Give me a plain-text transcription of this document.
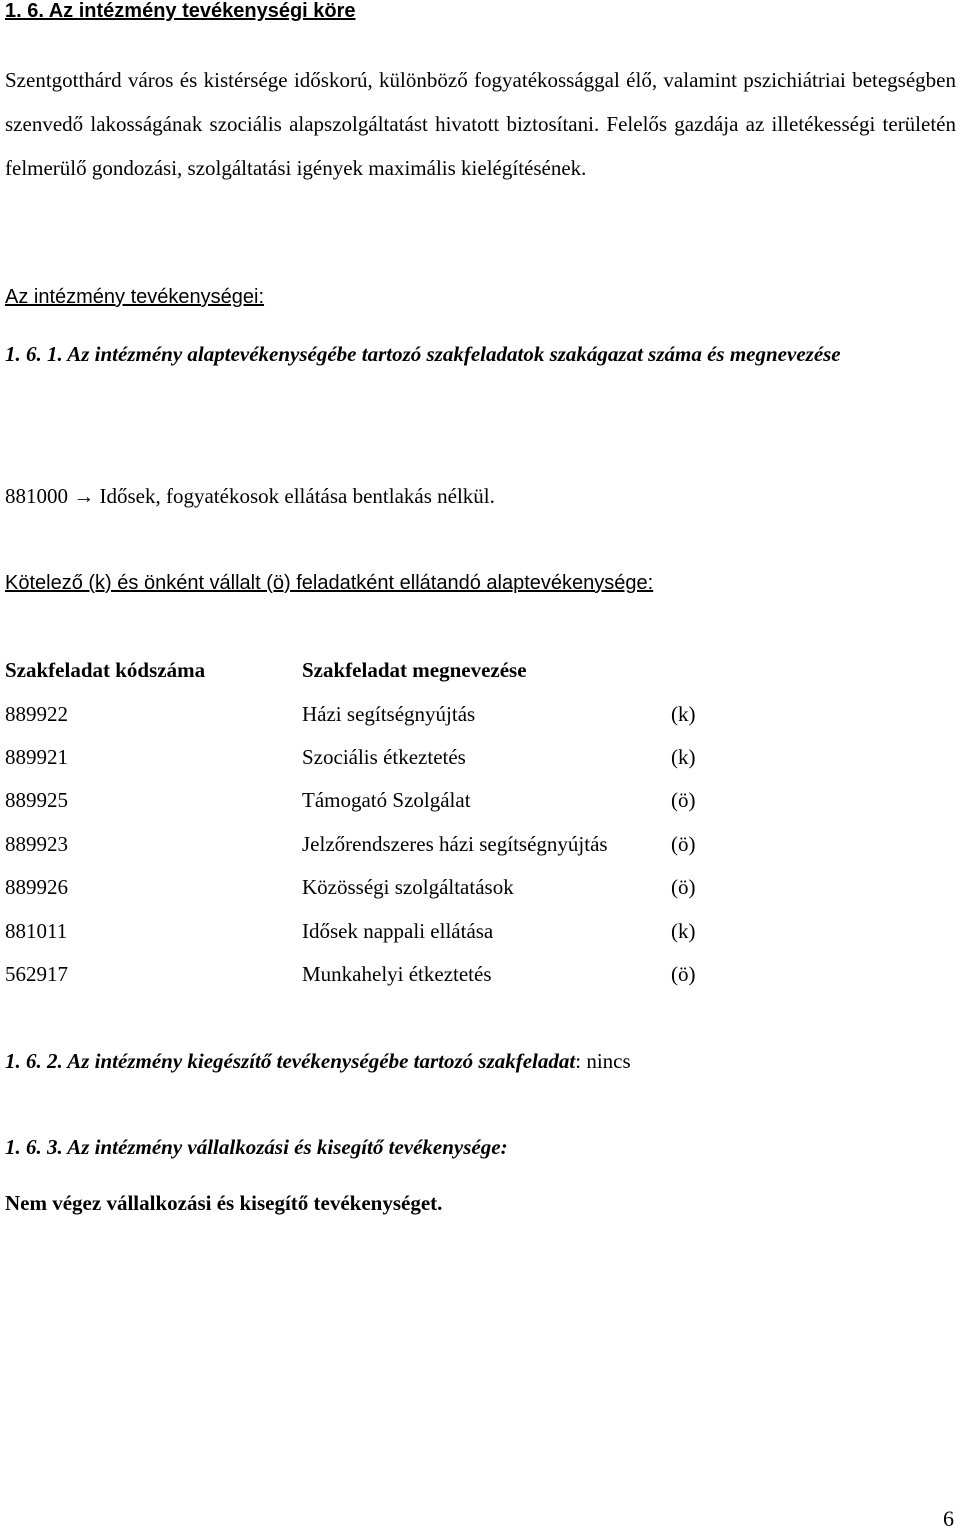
1. 6. Az intézmény tevékenységi köre
Szentgotthárd város és kistérsége időskorú, különböző fogyatékossággal élő, valamint pszichiátriai betegségben szenvedő lakosságának szociális alapszolgáltatást hivatott biztosítani. Felelős gazdája az illetékességi területén felmerülő gondozási, szolgáltatási igények maximális kielégítésének.
Az intézmény tevékenységei:
1. 6. 1. Az intézmény alaptevékenységébe tartozó szakfeladatok szakágazat száma és megnevezése
881000 → Idősek, fogyatékosok ellátása bentlakás nélkül.
Kötelező (k) és önként vállalt (ö) feladatként ellátandó alaptevékenysége:
Szakfeladat kódszáma	Szakfeladat megnevezése
889922	Házi segítségnyújtás	(k)
889921	Szociális étkeztetés	(k)
889925	Támogató Szolgálat	(ö)
889923	Jelzőrendszeres házi segítségnyújtás	(ö)
889926	Közösségi szolgáltatások	(ö)
881011	Idősek nappali ellátása	(k)
562917	Munkahelyi étkeztetés	(ö)
1. 6. 2. Az intézmény kiegészítő tevékenységébe tartozó szakfeladat: nincs
1. 6. 3. Az intézmény vállalkozási és kisegítő tevékenysége:
Nem végez vállalkozási és kisegítő tevékenységet.
6
